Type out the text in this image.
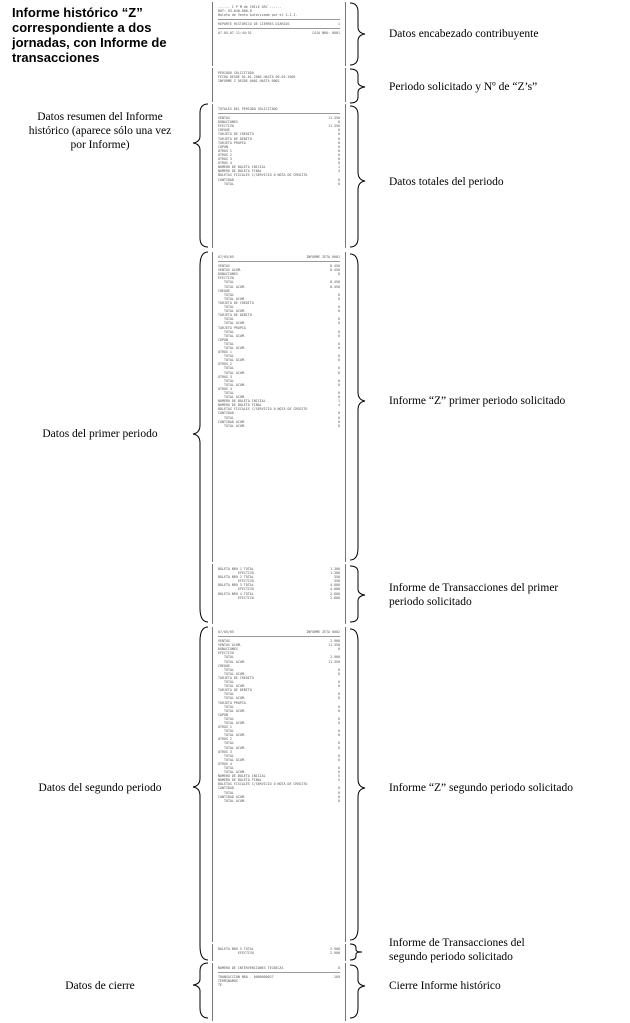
Informe histórico “Z” correspondiente a dos jornadas, con Informe de transacciones
------ I P M de CHILE SRC ------
RUT: 93.040.000-0
Boleta de Venta Autorizada por el S.I.I.
REPORTE HISTORICO DE CIERRES DIARIOS	1
07-05-07 11:44:51	CAJA NRO: 0001
PERIODO SOLICITADO
FECHA DESDE 01-01-2005 HASTA 09-05-2005
INFORME Z DESDE 0001 HASTA 0002
TOTALES DEL PERIODO SOLICITADO
VENTAS	11.350
DONACIONES	0
EFECTIVO	11.350
CHEQUE	0
TARJETA DE CREDITO	0
TARJETA DE DEBITO	0
TARJETA PROPIA	0
CUPON	0
OTROS 1	0
OTROS 2	0
OTROS 3	0
OTROS 4	0
NUMERO DE BOLETA INICIAL	1
NUMERO DE BOLETA FINAL	4
BOLETAS FISCALES C/SERVICIO 0 NOTA DE CREDITO
CANTIDAD	0
TOTAL	0
07/05/05	INFORME ZETA 0001
VENTAS	8.450
VENTAS ACUM.	8.450
DONACIONES	0
EFECTIVO
TOTAL	8.450
TOTAL ACUM.	8.450
CHEQUE
TOTAL	0
TOTAL ACUM.	0
TARJETA DE CREDITO
TOTAL	0
TOTAL ACUM.	0
TARJETA DE DEBITO
TOTAL	0
TOTAL ACUM.	0
TARJETA PROPIA
TOTAL	0
TOTAL ACUM.	0
CUPON
TOTAL	0
TOTAL ACUM.	0
OTROS 1
TOTAL	0
TOTAL ACUM.	0
OTROS 2
TOTAL	0
TOTAL ACUM.	0
OTROS 3
TOTAL	0
TOTAL ACUM.	0
OTROS 4
TOTAL	0
TOTAL ACUM.	0
NUMERO DE BOLETA INICIAL	1
NUMERO DE BOLETA FINAL	4
BOLETAS FISCALES C/SERVICIO 0 NOTA DE CREDITO
CANTIDAD	0
TOTAL	0
CANTIDAD ACUM.	0
TOTAL ACUM.	0
BOLETA NRO 1 TOTAL	1.300
EFECTIVO	1.300
BOLETA NRO 2 TOTAL	350
EFECTIVO	350
BOLETA NRO 3 TOTAL	4.000
EFECTIVO	4.000
BOLETA NRO 4 TOTAL	2.800
EFECTIVO	2.800
07/05/05	INFORME ZETA 0002
VENTAS	2.900
VENTAS ACUM.	11.350
DONACIONES	0
EFECTIVO
TOTAL	2.900
TOTAL ACUM.	11.350
CHEQUE
TOTAL	0
TOTAL ACUM.	0
TARJETA DE CREDITO
TOTAL	0
TOTAL ACUM.	0
TARJETA DE DEBITO
TOTAL	0
TOTAL ACUM.	0
TARJETA PROPIA
TOTAL	0
TOTAL ACUM.	0
CUPON
TOTAL	0
TOTAL ACUM.	0
OTROS 1
TOTAL	0
TOTAL ACUM.	0
OTROS 2
TOTAL	0
TOTAL ACUM.	0
OTROS 3
TOTAL	0
TOTAL ACUM.	0
OTROS 4
TOTAL	0
TOTAL ACUM.	0
NUMERO DE BOLETA INICIAL	5
NUMERO DE BOLETA FINAL	5
BOLETAS FISCALES C/SERVICIO 0 NOTA DE CREDITO
CANTIDAD	0
TOTAL	0
CANTIDAD ACUM.	0
TOTAL ACUM.	0
BOLETA NRO 5 TOTAL	2.900
EFECTIVO	2.900
NUMERO DE INTERVENCIONES TECNICAS	0
TRANSACCION NRO - 0000000027	109
TERMINAMOS
TE
Datos resumen del Informe histórico (aparece sólo una vez por Informe)
Datos del primer periodo
Datos del segundo periodo
Datos de cierre
Datos encabezado contribuyente
Periodo solicitado y Nº de “Z’s”
Datos totales del periodo
Informe “Z” primer periodo solicitado
Informe de Transacciones del primer periodo solicitado
Informe “Z” segundo periodo solicitado
Informe de Transacciones del segundo periodo solicitado
Cierre Informe histórico
